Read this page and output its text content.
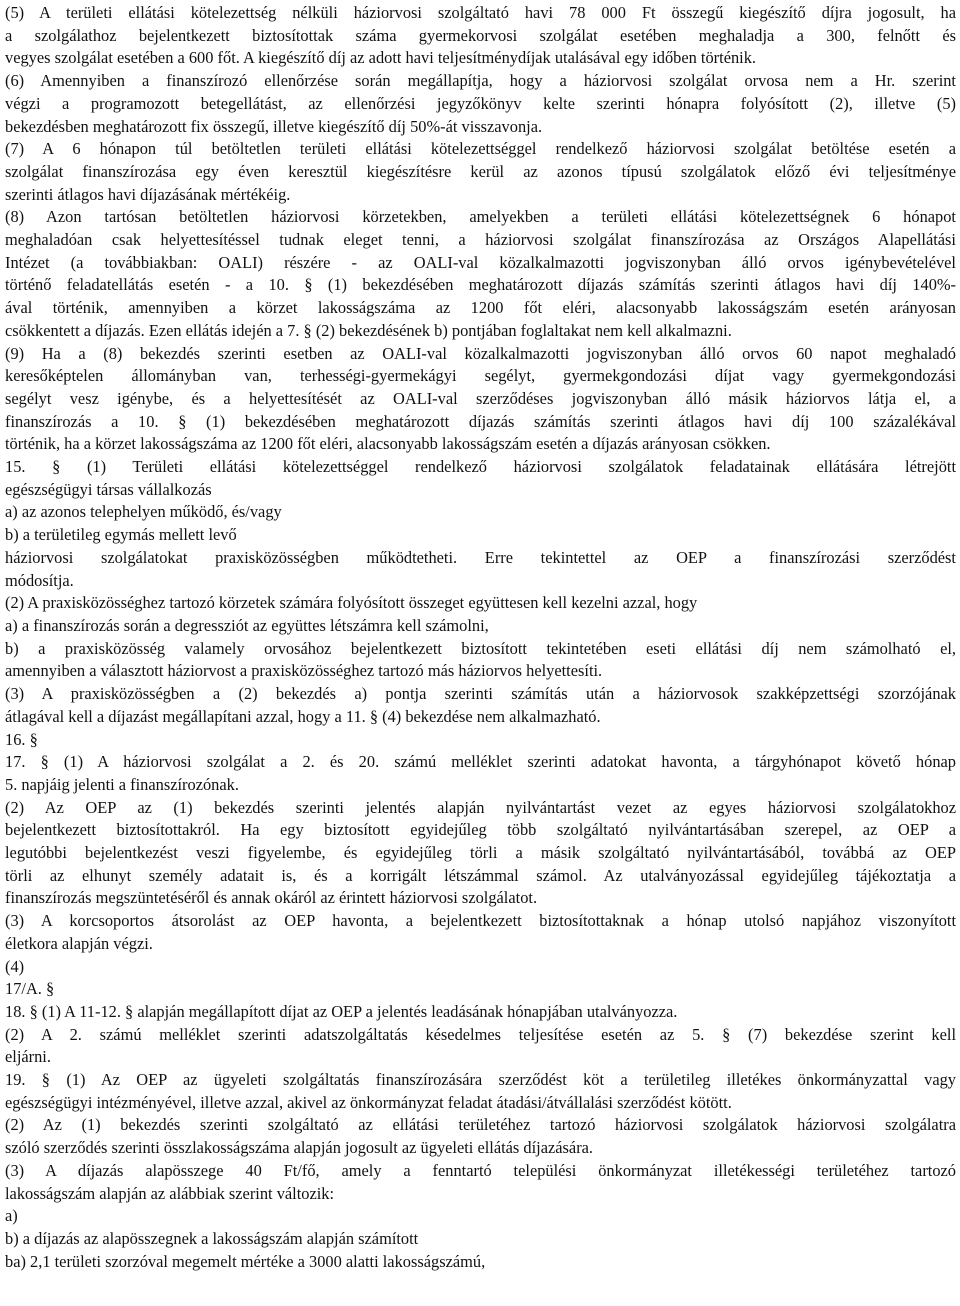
(5) A területi ellátási kötelezettség nélküli háziorvosi szolgáltató havi 78 000 Ft összegű kiegészítő díjra jogosult, ha
a szolgálathoz bejelentkezett biztosítottak száma gyermekorvosi szolgálat esetében meghaladja a 300, felnőtt és
vegyes szolgálat esetében a 600 főt. A kiegészítő díj az adott havi teljesítménydíjak utalásával egy időben történik.
(6) Amennyiben a finanszírozó ellenőrzése során megállapítja, hogy a háziorvosi szolgálat orvosa nem a Hr. szerint
végzi a programozott betegellátást, az ellenőrzési jegyzőkönyv kelte szerinti hónapra folyósított (2), illetve (5)
bekezdésben meghatározott fix összegű, illetve kiegészítő díj 50%-át visszavonja.
(7) A 6 hónapon túl betöltetlen területi ellátási kötelezettséggel rendelkező háziorvosi szolgálat betöltése esetén a
szolgálat finanszírozása egy éven keresztül kiegészítésre kerül az azonos típusú szolgálatok előző évi teljesítménye
szerinti átlagos havi díjazásának mértékéig.
(8) Azon tartósan betöltetlen háziorvosi körzetekben, amelyekben a területi ellátási kötelezettségnek 6 hónapot
meghaladóan csak helyettesítéssel tudnak eleget tenni, a háziorvosi szolgálat finanszírozása az Országos Alapellátási
Intézet (a továbbiakban: OALI) részére - az OALI-val közalkalmazotti jogviszonyban álló orvos igénybevételével
történő feladatellátás esetén - a 10. § (1) bekezdésében meghatározott díjazás számítás szerinti átlagos havi díj 140%-
ával történik, amennyiben a körzet lakosságszáma az 1200 főt eléri, alacsonyabb lakosságszám esetén arányosan
csökkentett a díjazás. Ezen ellátás idején a 7. § (2) bekezdésének b) pontjában foglaltakat nem kell alkalmazni.
(9) Ha a (8) bekezdés szerinti esetben az OALI-val közalkalmazotti jogviszonyban álló orvos 60 napot meghaladó
keresőképtelen állományban van, terhességi-gyermekágyi segélyt, gyermekgondozási díjat vagy gyermekgondozási
segélyt vesz igénybe, és a helyettesítését az OALI-val szerződéses jogviszonyban álló másik háziorvos látja el, a
finanszírozás a 10. § (1) bekezdésében meghatározott díjazás számítás szerinti átlagos havi díj 100 százalékával
történik, ha a körzet lakosságszáma az 1200 főt eléri, alacsonyabb lakosságszám esetén a díjazás arányosan csökken.
15. § (1) Területi ellátási kötelezettséggel rendelkező háziorvosi szolgálatok feladatainak ellátására létrejött
egészségügyi társas vállalkozás
a) az azonos telephelyen működő, és/vagy
b) a területileg egymás mellett levő
háziorvosi szolgálatokat praxisközösségben működtetheti. Erre tekintettel az OEP a finanszírozási szerződést
módosítja.
(2) A praxisközösséghez tartozó körzetek számára folyósított összeget együttesen kell kezelni azzal, hogy
a) a finanszírozás során a degressziót az együttes létszámra kell számolni,
b) a praxisközösség valamely orvosához bejelentkezett biztosított tekintetében eseti ellátási díj nem számolható el,
amennyiben a választott háziorvost a praxisközösséghez tartozó más háziorvos helyettesíti.
(3) A praxisközösségben a (2) bekezdés a) pontja szerinti számítás után a háziorvosok szakképzettségi szorzójának
átlagával kell a díjazást megállapítani azzal, hogy a 11. § (4) bekezdése nem alkalmazható.
16. §
17. § (1) A háziorvosi szolgálat a 2. és 20. számú melléklet szerinti adatokat havonta, a tárgyhónapot követő hónap
5. napjáig jelenti a finanszírozónak.
(2) Az OEP az (1) bekezdés szerinti jelentés alapján nyilvántartást vezet az egyes háziorvosi szolgálatokhoz
bejelentkezett biztosítottakról. Ha egy biztosított egyidejűleg több szolgáltató nyilvántartásában szerepel, az OEP a
legutóbbi bejelentkezést veszi figyelembe, és egyidejűleg törli a másik szolgáltató nyilvántartásából, továbbá az OEP
törli az elhunyt személy adatait is, és a korrigált létszámmal számol. Az utalványozással egyidejűleg tájékoztatja a
finanszírozás megszüntetéséről és annak okáról az érintett háziorvosi szolgálatot.
(3) A korcsoportos átsorolást az OEP havonta, a bejelentkezett biztosítottaknak a hónap utolsó napjához viszonyított
életkora alapján végzi.
(4)
17/A. §
18. § (1) A 11-12. § alapján megállapított díjat az OEP a jelentés leadásának hónapjában utalványozza.
(2) A 2. számú melléklet szerinti adatszolgáltatás késedelmes teljesítése esetén az 5. § (7) bekezdése szerint kell
eljárni.
19. § (1) Az OEP az ügyeleti szolgáltatás finanszírozására szerződést köt a területileg illetékes önkormányzattal vagy
egészségügyi intézményével, illetve azzal, akivel az önkormányzat feladat átadási/átvállalási szerződést kötött.
(2) Az (1) bekezdés szerinti szolgáltató az ellátási területéhez tartozó háziorvosi szolgálatok háziorvosi szolgálatra
szóló szerződés szerinti összlakosságszáma alapján jogosult az ügyeleti ellátás díjazására.
(3) A díjazás alapösszege 40 Ft/fő, amely a fenntartó települési önkormányzat illetékességi területéhez tartozó
lakosságszám alapján az alábbiak szerint változik:
a)
b) a díjazás az alapösszegnek a lakosságszám alapján számított
ba) 2,1 területi szorzóval megemelt mértéke a 3000 alatti lakosságszámú,
